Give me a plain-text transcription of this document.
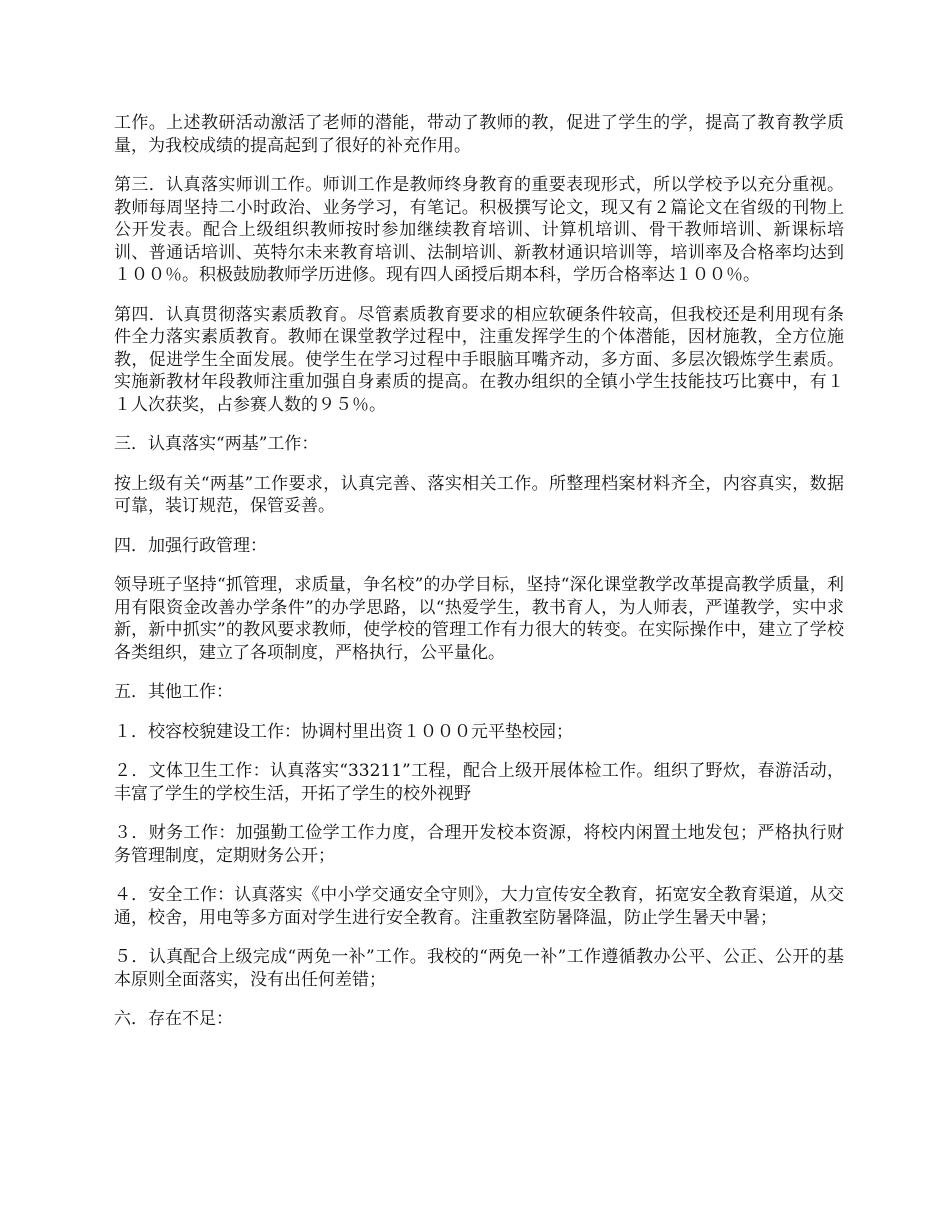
工作。上述教研活动激活了老师的潜能，带动了教师的教，促进了学生的学，提高了教育教学质量，为我校成绩的提高起到了很好的补充作用。

第三．认真落实师训工作。师训工作是教师终身教育的重要表现形式，所以学校予以充分重视。教师每周坚持二小时政治、业务学习，有笔记。积极撰写论文，现又有２篇论文在省级的刊物上公开发表。配合上级组织教师按时参加继续教育培训、计算机培训、骨干教师培训、新课标培训、普通话培训、英特尔未来教育培训、法制培训、新教材通识培训等，培训率及合格率均达到１００％。积极鼓励教师学历进修。现有四人函授后期本科，学历合格率达１００％。

第四．认真贯彻落实素质教育。尽管素质教育要求的相应软硬条件较高，但我校还是利用现有条件全力落实素质教育。教师在课堂教学过程中，注重发挥学生的个体潜能，因材施教，全方位施教，促进学生全面发展。使学生在学习过程中手眼脑耳嘴齐动，多方面、多层次锻炼学生素质。实施新教材年段教师注重加强自身素质的提高。在教办组织的全镇小学生技能技巧比赛中，有１１人次获奖，占参赛人数的９５％。

三．认真落实“两基”工作：

按上级有关“两基”工作要求，认真完善、落实相关工作。所整理档案材料齐全，内容真实，数据可靠，装订规范，保管妥善。

四．加强行政管理：

领导班子坚持“抓管理，求质量，争名校”的办学目标，坚持“深化课堂教学改革提高教学质量，利用有限资金改善办学条件”的办学思路，以“热爱学生，教书育人，为人师表，严谨教学，实中求新，新中抓实”的教风要求教师，使学校的管理工作有力很大的转变。在实际操作中，建立了学校各类组织，建立了各项制度，严格执行，公平量化。

五．其他工作：

１．校容校貌建设工作：协调村里出资１０００元平垫校园；

２．文体卫生工作：认真落实“33211”工程，配合上级开展体检工作。组织了野炊，春游活动，丰富了学生的学校生活，开拓了学生的校外视野

３．财务工作：加强勤工俭学工作力度，合理开发校本资源，将校内闲置土地发包；严格执行财务管理制度，定期财务公开；

４．安全工作：认真落实《中小学交通安全守则》，大力宣传安全教育，拓宽安全教育渠道，从交通，校舍，用电等多方面对学生进行安全教育。注重教室防暑降温，防止学生暑天中暑；

５．认真配合上级完成“两免一补”工作。我校的“两免一补”工作遵循教办公平、公正、公开的基本原则全面落实，没有出任何差错；

六．存在不足：
